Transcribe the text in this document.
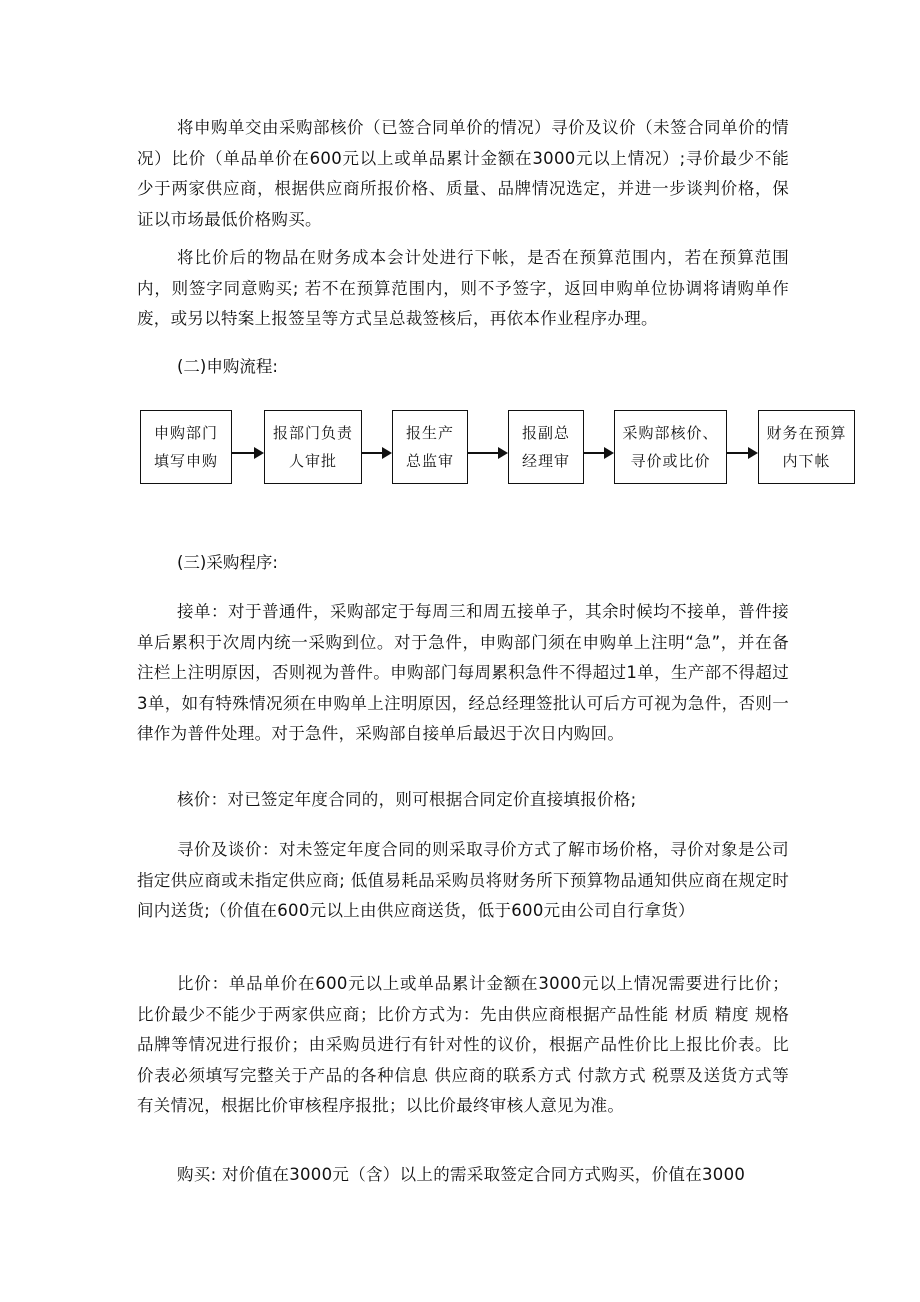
将申购单交由采购部核价（已签合同单价的情况）寻价及议价（未签合同单价的情况）比价（单品单价在600元以上或单品累计金额在3000元以上情况）;寻价最少不能少于两家供应商，根据供应商所报价格、质量、品牌情况选定，并进一步谈判价格，保证以市场最低价格购买。

将比价后的物品在财务成本会计处进行下帐，是否在预算范围内，若在预算范围内，则签字同意购买; 若不在预算范围内，则不予签字，返回申购单位协调将请购单作废，或另以特案上报签呈等方式呈总裁签核后，再依本作业程序办理。

(二)申购流程:

申购部门填写申购
报部门负责人审批
报生产总监审
报副总经理审
采购部核价、寻价或比价
财务在预算内下帐

(三)采购程序:

接单：对于普通件，采购部定于每周三和周五接单子，其余时候均不接单，普件接单后累积于次周内统一采购到位。对于急件，申购部门须在申购单上注明“急”，并在备注栏上注明原因，否则视为普件。申购部门每周累积急件不得超过1单，生产部不得超过3单，如有特殊情况须在申购单上注明原因，经总经理签批认可后方可视为急件，否则一律作为普件处理。对于急件，采购部自接单后最迟于次日内购回。

核价：对已签定年度合同的，则可根据合同定价直接填报价格;

寻价及谈价：对未签定年度合同的则采取寻价方式了解市场价格，寻价对象是公司指定供应商或未指定供应商; 低值易耗品采购员将财务所下预算物品通知供应商在规定时间内送货;（价值在600元以上由供应商送货，低于600元由公司自行拿货）

比价：单品单价在600元以上或单品累计金额在3000元以上情况需要进行比价；比价最少不能少于两家供应商；比价方式为：先由供应商根据产品性能 材质 精度 规格 品牌等情况进行报价；由采购员进行有针对性的议价，根据产品性价比上报比价表。比价表必须填写完整关于产品的各种信息 供应商的联系方式 付款方式 税票及送货方式等有关情况，根据比价审核程序报批；以比价最终审核人意见为准。

购买: 对价值在3000元（含）以上的需采取签定合同方式购买，价值在3000
